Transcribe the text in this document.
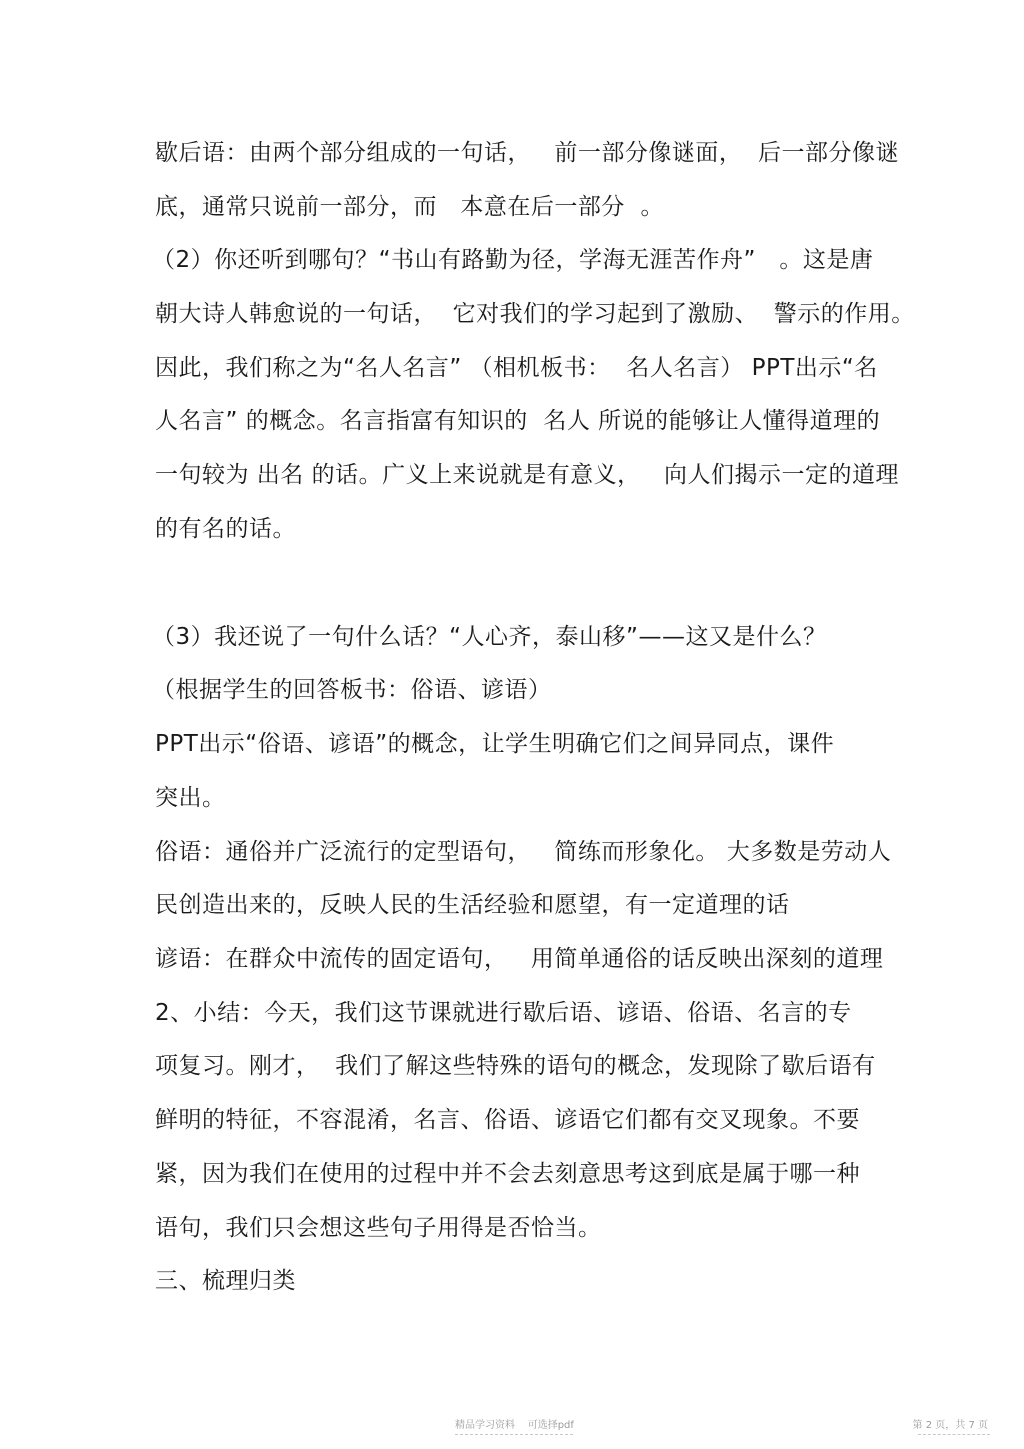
歇后语：由两个部分组成的一句话，   前一部分像谜面，  后一部分像谜
底，通常只说前一部分，而   本意在后一部分  。
（2）你还听到哪句？“书山有路勤为径，学海无涯苦作舟”   。这是唐
朝大诗人韩愈说的一句话，  它对我们的学习起到了激励、  警示的作用。
因此，我们称之为“名人名言” （相机板书：  名人名言） PPT出示“名
人名言” 的概念。名言指富有知识的  名人 所说的能够让人懂得道理的
一句较为 出名 的话。广义上来说就是有意义，   向人们揭示一定的道理
的有名的话。
（3）我还说了一句什么话？“人心齐，泰山移”——这又是什么？
（根据学生的回答板书：俗语、谚语）
PPT出示“俗语、谚语”的概念，让学生明确它们之间异同点，课件
突出。
俗语：通俗并广泛流行的定型语句，   简练而形象化。 大多数是劳动人
民创造出来的，反映人民的生活经验和愿望，有一定道理的话
谚语：在群众中流传的固定语句，   用简单通俗的话反映出深刻的道理
2、小结：今天，我们这节课就进行歇后语、谚语、俗语、名言的专
项复习。刚才，  我们了解这些特殊的语句的概念，发现除了歇后语有
鲜明的特征，不容混淆，名言、俗语、谚语它们都有交叉现象。不要
紧，因为我们在使用的过程中并不会去刻意思考这到底是属于哪一种
语句，我们只会想这些句子用得是否恰当。
三、梳理归类
精品学习资料    可选择pdf	第 2 页，共 7 页
